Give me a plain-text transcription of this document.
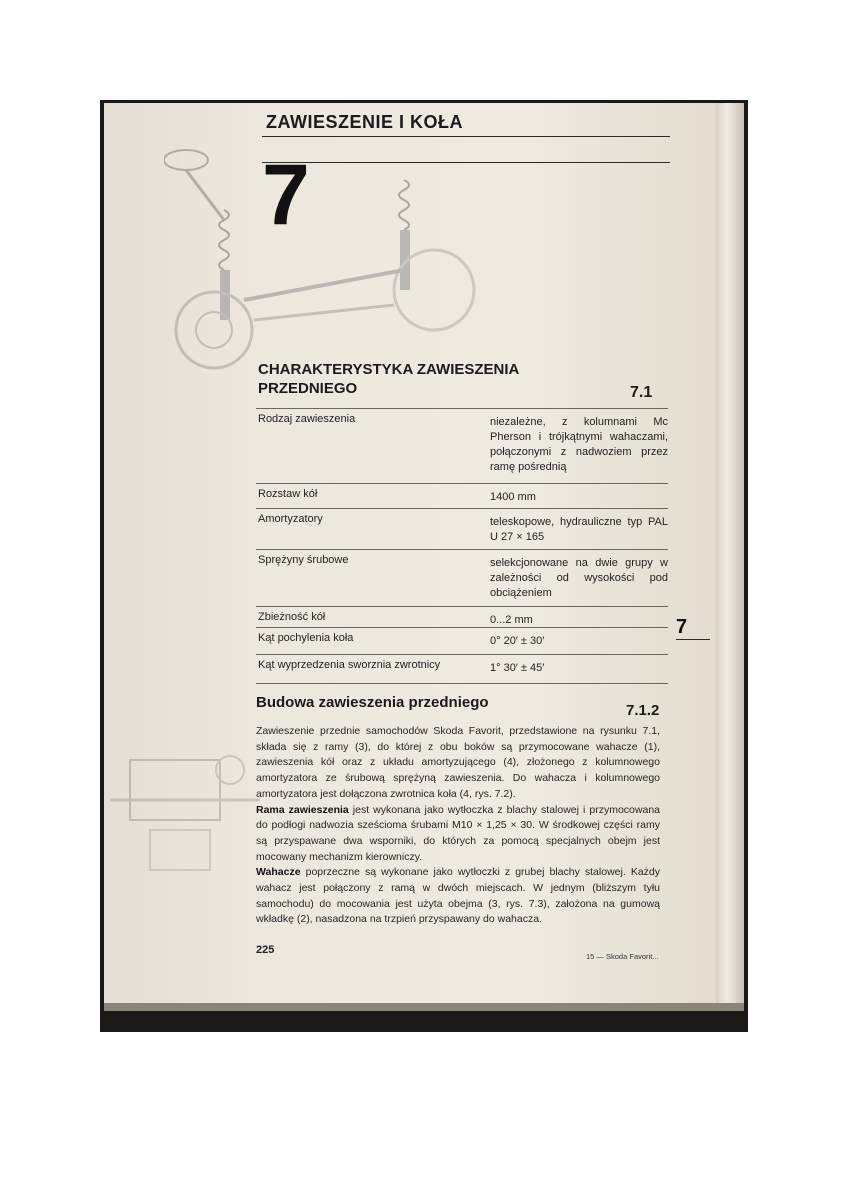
ZAWIESZENIE I KOŁA
7
CHARAKTERYSTYKA ZAWIESZENIA PRZEDNIEGO	7.1
Rodzaj zawieszenia	niezależne, z kolumnami Mc Pherson i trójkątnymi wahaczami, połączonymi z nadwoziem przez ramę pośrednią
Rozstaw kół	1400 mm
Amortyzatory	teleskopowe, hydrauliczne typ PAL U 27 × 165
Sprężyny śrubowe	selekcjonowane na dwie grupy w zależności od wysokości pod obciążeniem
Zbieżność kół	0...2 mm
Kąt pochylenia koła	0° 20′ ± 30′
Kąt wyprzedzenia sworznia zwrotnicy	1° 30′ ± 45′
7
Budowa zawieszenia przedniego	7.1.2

Zawieszenie przednie samochodów Skoda Favorit, przedstawione na rysunku 7.1, składa się z ramy (3), do której z obu boków są przymocowane wahacze (1), zawieszenia kół oraz z układu amortyzującego (4), złożonego z kolumnowego amortyzatora ze śrubową sprężyną zawieszenia. Do wahacza i kolumnowego amortyzatora jest dołączona zwrotnica koła (4, rys. 7.2).

Rama zawieszenia jest wykonana jako wytłoczka z blachy stalowej i przymocowana do podłogi nadwozia sześcioma śrubami M10 × 1,25 × 30. W środkowej części ramy są przyspawane dwa wsporniki, do których za pomocą specjalnych obejm jest mocowany mechanizm kierowniczy.

Wahacze poprzeczne są wykonane jako wytłoczki z grubej blachy stalowej. Każdy wahacz jest połączony z ramą w dwóch miejscach. W jednym (bliższym tyłu samochodu) do mocowania jest użyta obejma (3, rys. 7.3), założona na gumową wkładkę (2), nasadzona na trzpień przyspawany do wahacza.

225
15 — Skoda Favorit...
